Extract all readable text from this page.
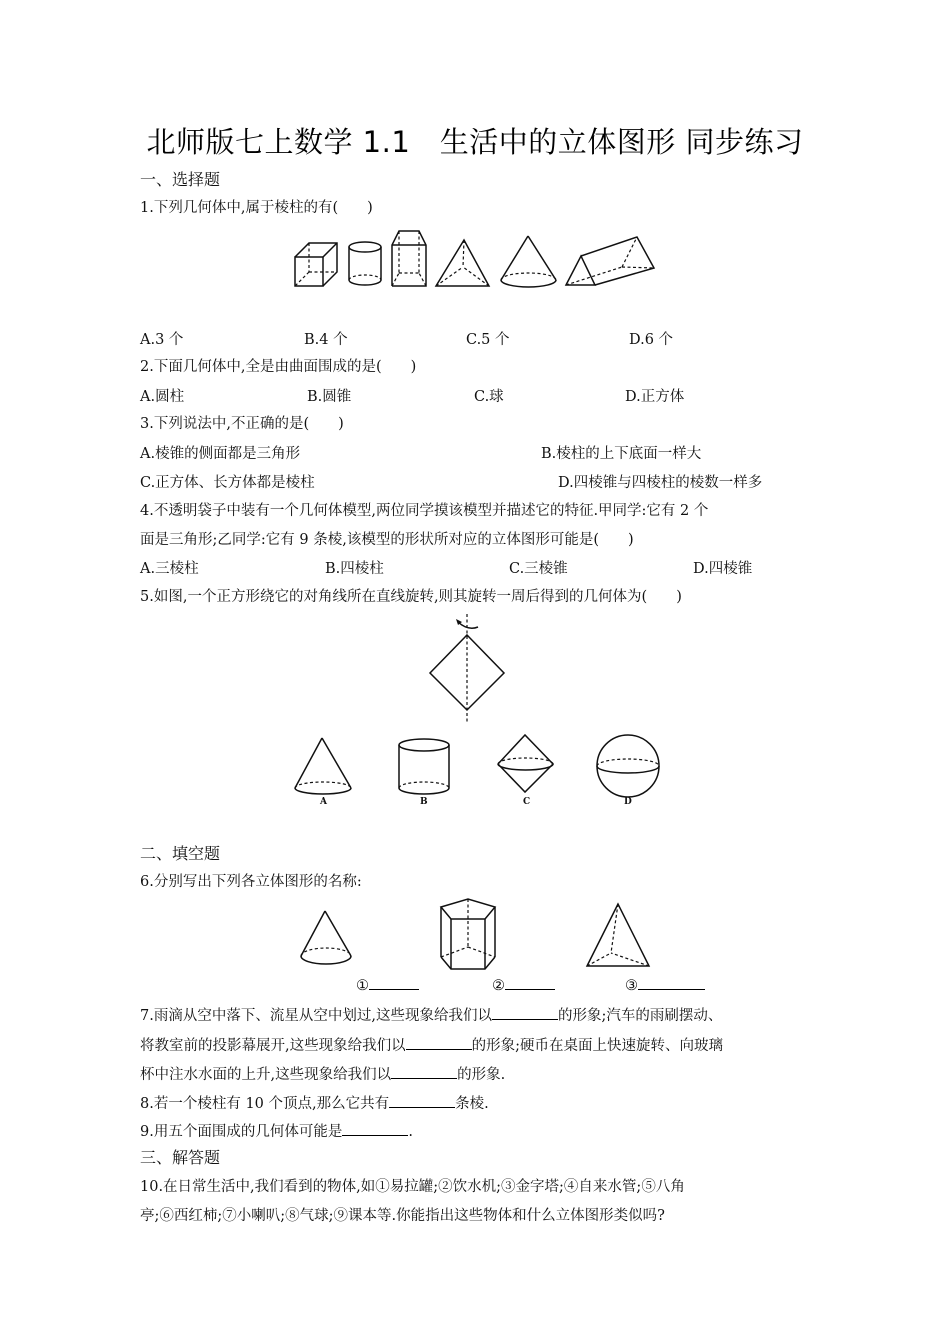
北师版七上数学 1.1　生活中的立体图形 同步练习
一、选择题
1.下列几何体中,属于棱柱的有(　　)
A.3 个	B.4 个	C.5 个	D.6 个
2.下面几何体中,全是由曲面围成的是(　　)
A.圆柱	B.圆锥	C.球	D.正方体
3.下列说法中,不正确的是(　　)
A.棱锥的侧面都是三角形	B.棱柱的上下底面一样大
C.正方体、长方体都是棱柱	D.四棱锥与四棱柱的棱数一样多
4.不透明袋子中装有一个几何体模型,两位同学摸该模型并描述它的特征.甲同学:它有 2 个
面是三角形;乙同学:它有 9 条棱,该模型的形状所对应的立体图形可能是(　　)
A.三棱柱	B.四棱柱	C.三棱锥	D.四棱锥
5.如图,一个正方形绕它的对角线所在直线旋转,则其旋转一周后得到的几何体为(　　)
A	B	C	D
二、填空题
6.分别写出下列各立体图形的名称:
①	②	③
7.雨滴从空中落下、流星从空中划过,这些现象给我们以	的形象;汽车的雨刷摆动、
将教室前的投影幕展开,这些现象给我们以	的形象;硬币在桌面上快速旋转、向玻璃
杯中注水水面的上升,这些现象给我们以	的形象.
8.若一个棱柱有 10 个顶点,那么它共有	条棱.
9.用五个面围成的几何体可能是	.
三、解答题
10.在日常生活中,我们看到的物体,如①易拉罐;②饮水机;③金字塔;④自来水管;⑤八角
亭;⑥西红柿;⑦小喇叭;⑧气球;⑨课本等.你能指出这些物体和什么立体图形类似吗?
